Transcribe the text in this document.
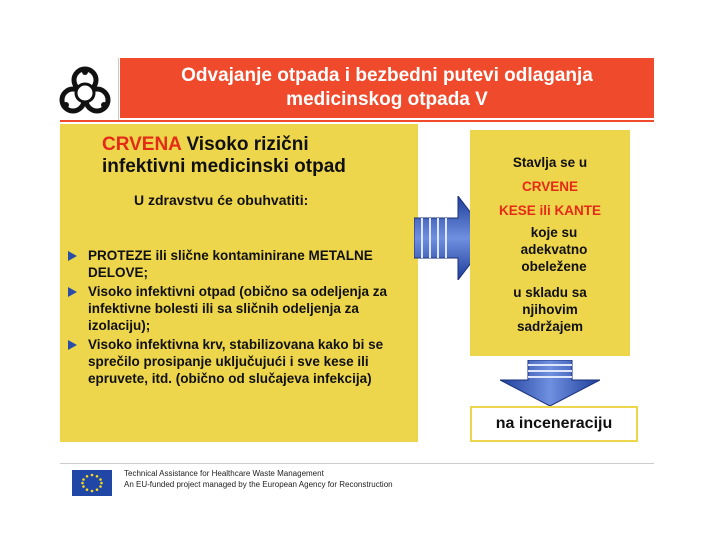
Odvajanje otpada i bezbedni putevi odlaganja
medicinskog otpada V
CRVENA Visoko rizični
infektivni medicinski otpad
U zdravstvu će obuhvatiti:
PROTEZE ili slične kontaminirane METALNE DELOVE;
Visoko infektivni otpad (obično sa odeljenja za infektivne bolesti ili sa sličnih odeljenja za izolaciju);
Visoko infektivna krv, stabilizovana kako bi se sprečilo prosipanje uključujući i sve kese ili epruvete, itd. (obično od slučajeva infekcija)
Stavlja se u
CRVENE
KESE ili KANTE
koje su adekvatno obeležene
u skladu sa njihovim sadržajem
na inceneraciju
Technical Assistance for Healthcare Waste Management
An EU-funded project managed by the European Agency for Reconstruction
